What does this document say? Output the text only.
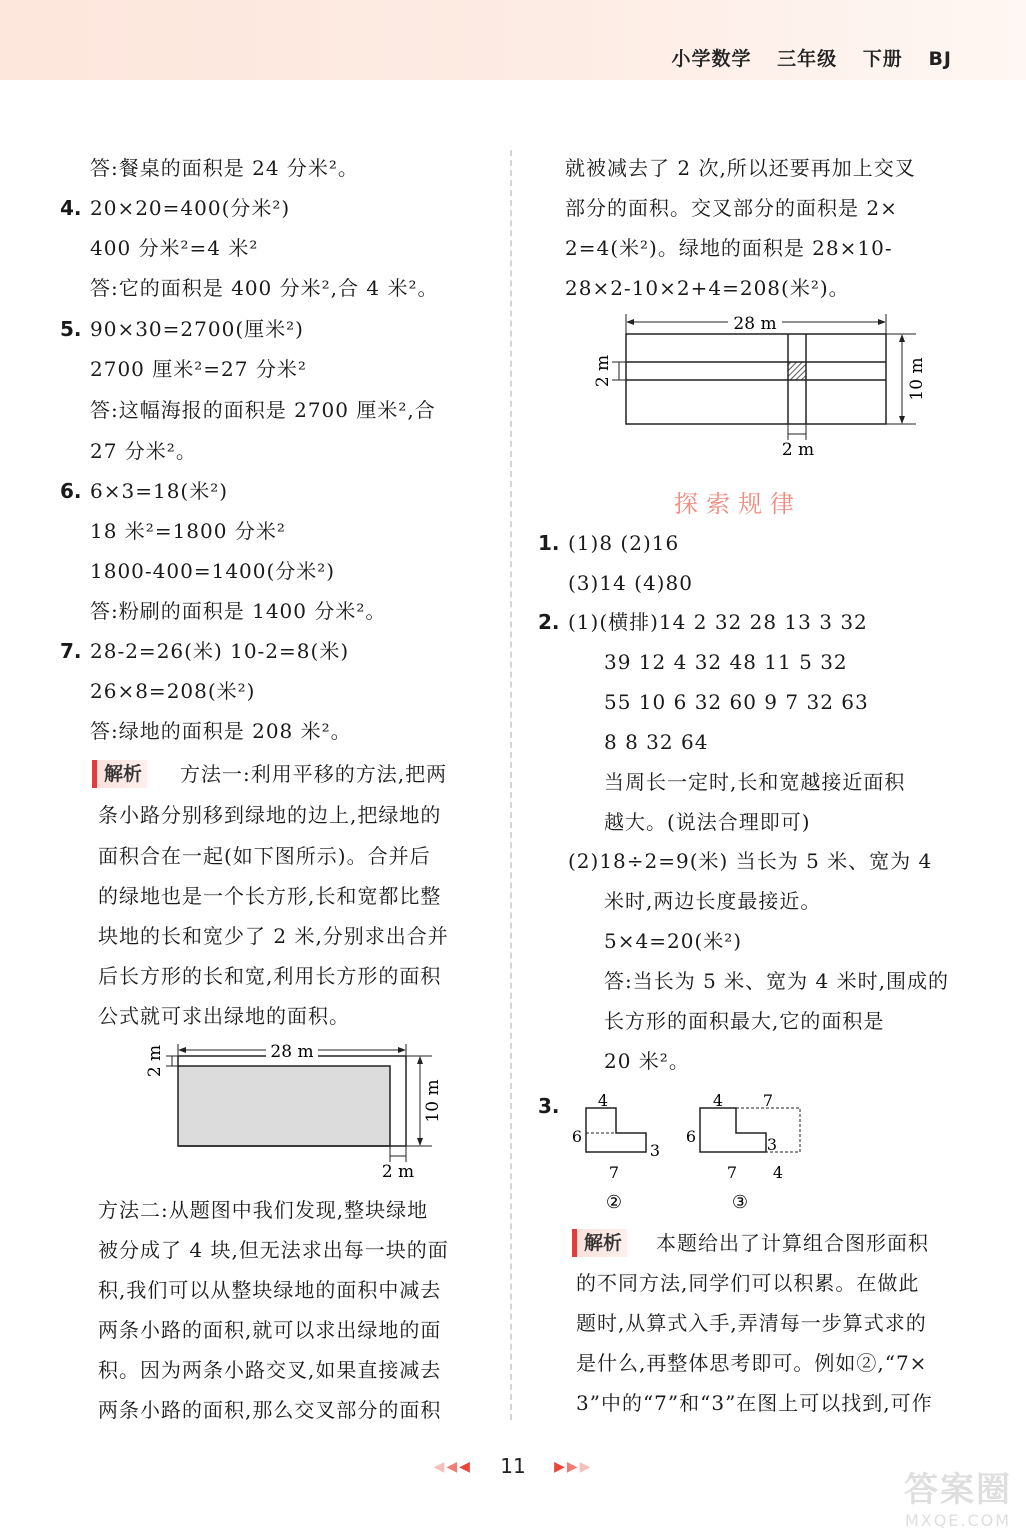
小学数学 三年级 下册 BJ
答:餐桌的面积是 24 分米²。
4. 20×20=400(分米²)
400 分米²=4 米²
答:它的面积是 400 分米²,合 4 米²。
5. 90×30=2700(厘米²)
2700 厘米²=27 分米²
答:这幅海报的面积是 2700 厘米²,合
27 分米²。
6. 6×3=18(米²)
18 米²=1800 分米²
1800-400=1400(分米²)
答:粉刷的面积是 1400 分米²。
7. 28-2=26(米) 10-2=8(米)
26×8=208(米²)
答:绿地的面积是 208 米²。
解析 方法一:利用平移的方法,把两
条小路分别移到绿地的边上,把绿地的
面积合在一起(如下图所示)。合并后
的绿地也是一个长方形,长和宽都比整
块地的长和宽少了 2 米,分别求出合并
后长方形的长和宽,利用长方形的面积
公式就可求出绿地的面积。
28 m
2 m
10 m
2 m
方法二:从题图中我们发现,整块绿地
被分成了 4 块,但无法求出每一块的面
积,我们可以从整块绿地的面积中减去
两条小路的面积,就可以求出绿地的面
积。因为两条小路交叉,如果直接减去
两条小路的面积,那么交叉部分的面积
就被减去了 2 次,所以还要再加上交叉
部分的面积。交叉部分的面积是 2×
2=4(米²)。绿地的面积是 28×10-
28×2-10×2+4=208(米²)。
28 m
2 m	10 m
2 m
探索规律
1. (1)8 (2)16
(3)14 (4)80
2. (1)(横排)14 2 32 28 13 3 32
39 12 4 32 48 11 5 32
55 10 6 32 60 9 7 32 63
8 8 32 64
当周长一定时,长和宽越接近面积
越大。(说法合理即可)
(2)18÷2=9(米) 当长为 5 米、宽为 4
米时,两边长度最接近。
5×4=20(米²)
答:当长为 5 米、宽为 4 米时,围成的
长方形的面积最大,它的面积是
20 米²。
3. 4
6
3
7
②
4 7
6	3
7 4
③
解析 本题给出了计算组合图形面积
的不同方法,同学们可以积累。在做此
题时,从算式入手,弄清每一步算式求的
是什么,再整体思考即可。例如②,“7×
3”中的“7”和“3”在图上可以找到,可作
◀◀◀ 11 ▶▶▶
答案圈
MXQE.COM
